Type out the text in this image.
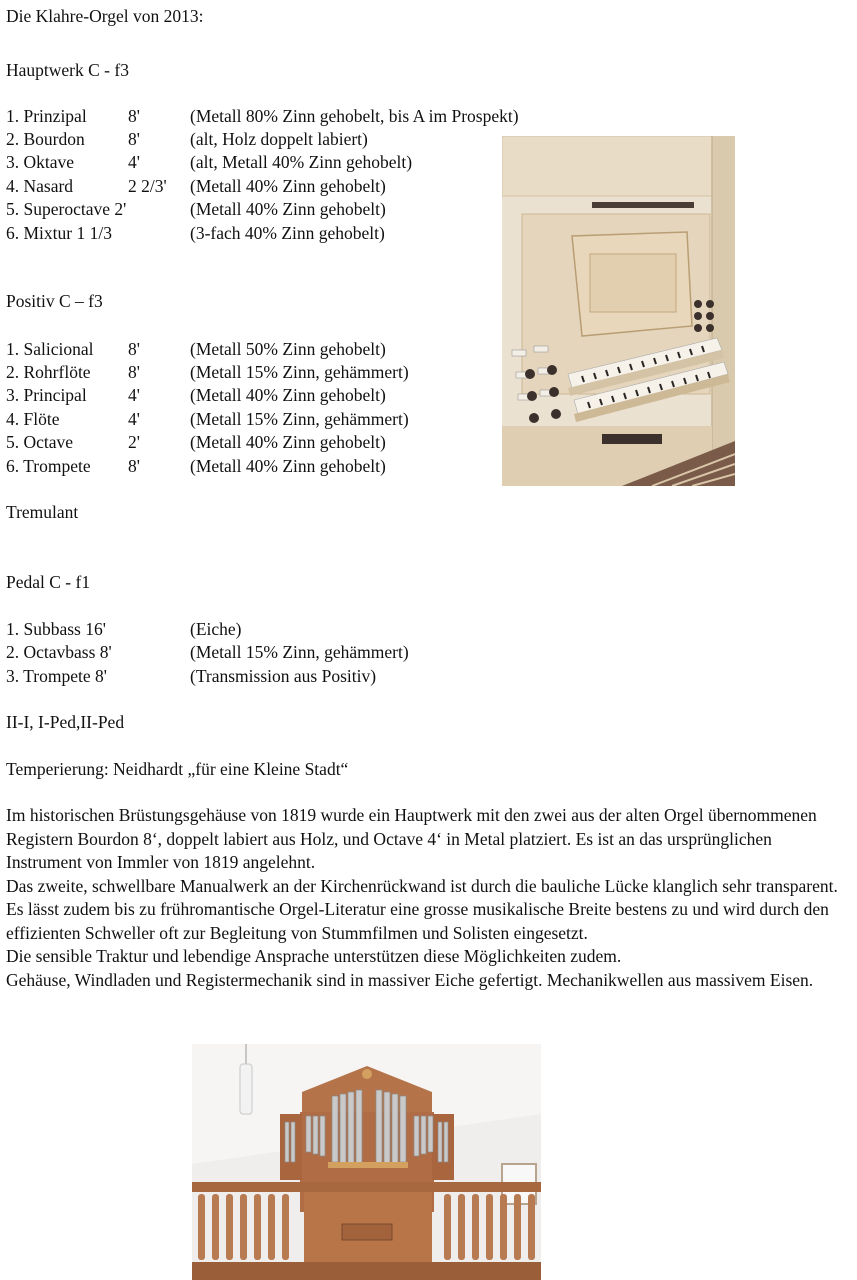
Die Klahre-Orgel von 2013:
Hauptwerk C - f3
1. Prinzipal 8'	(Metall 80% Zinn gehobelt, bis A im Prospekt)
2. Bourdon 8'	(alt, Holz doppelt labiert)
3. Oktave	4'	(alt, Metall 40% Zinn gehobelt)
4. Nasard	2 2/3' (Metall 40% Zinn gehobelt)
5. Superoctave 2'	(Metall 40% Zinn gehobelt)
6. Mixtur 1 1/3	(3-fach 40% Zinn gehobelt)
Positiv C – f3
1. Salicional 8'	(Metall 50% Zinn gehobelt)
2. Rohrflöte 8'	(Metall 15% Zinn, gehämmert)
3. Principal 4'	(Metall 40% Zinn gehobelt)
4. Flöte	4'	(Metall 15% Zinn, gehämmert)
5. Octave	2'	(Metall 40% Zinn gehobelt)
6. Trompete 8'	(Metall 40% Zinn gehobelt)
Tremulant
Pedal C - f1
1. Subbass 16'	(Eiche)
2. Octavbass 8'	(Metall 15% Zinn, gehämmert)
3. Trompete 8'	(Transmission aus Positiv)
II-I, I-Ped,II-Ped
Temperierung: Neidhardt „für eine Kleine Stadt“

Im historischen Brüstungsgehäuse von 1819 wurde ein Hauptwerk mit den zwei aus der alten Orgel übernommenen Registern Bourdon 8‘, doppelt labiert aus Holz, und Octave 4‘ in Metal platziert. Es ist an das ursprünglichen Instrument von Immler von 1819 angelehnt.

Das zweite, schwellbare Manualwerk an der Kirchenrückwand ist durch die bauliche Lücke klanglich sehr transparent. Es lässt zudem bis zu frühromantische Orgel-Literatur eine grosse musikalische Breite bestens zu und wird durch den effizienten Schweller oft zur Begleitung von Stummfilmen und Solisten eingesetzt.

Die sensible Traktur und lebendige Ansprache unterstützen diese Möglichkeiten zudem.

Gehäuse, Windladen und Registermechanik sind in massiver Eiche gefertigt. Mechanikwellen aus massivem Eisen.
